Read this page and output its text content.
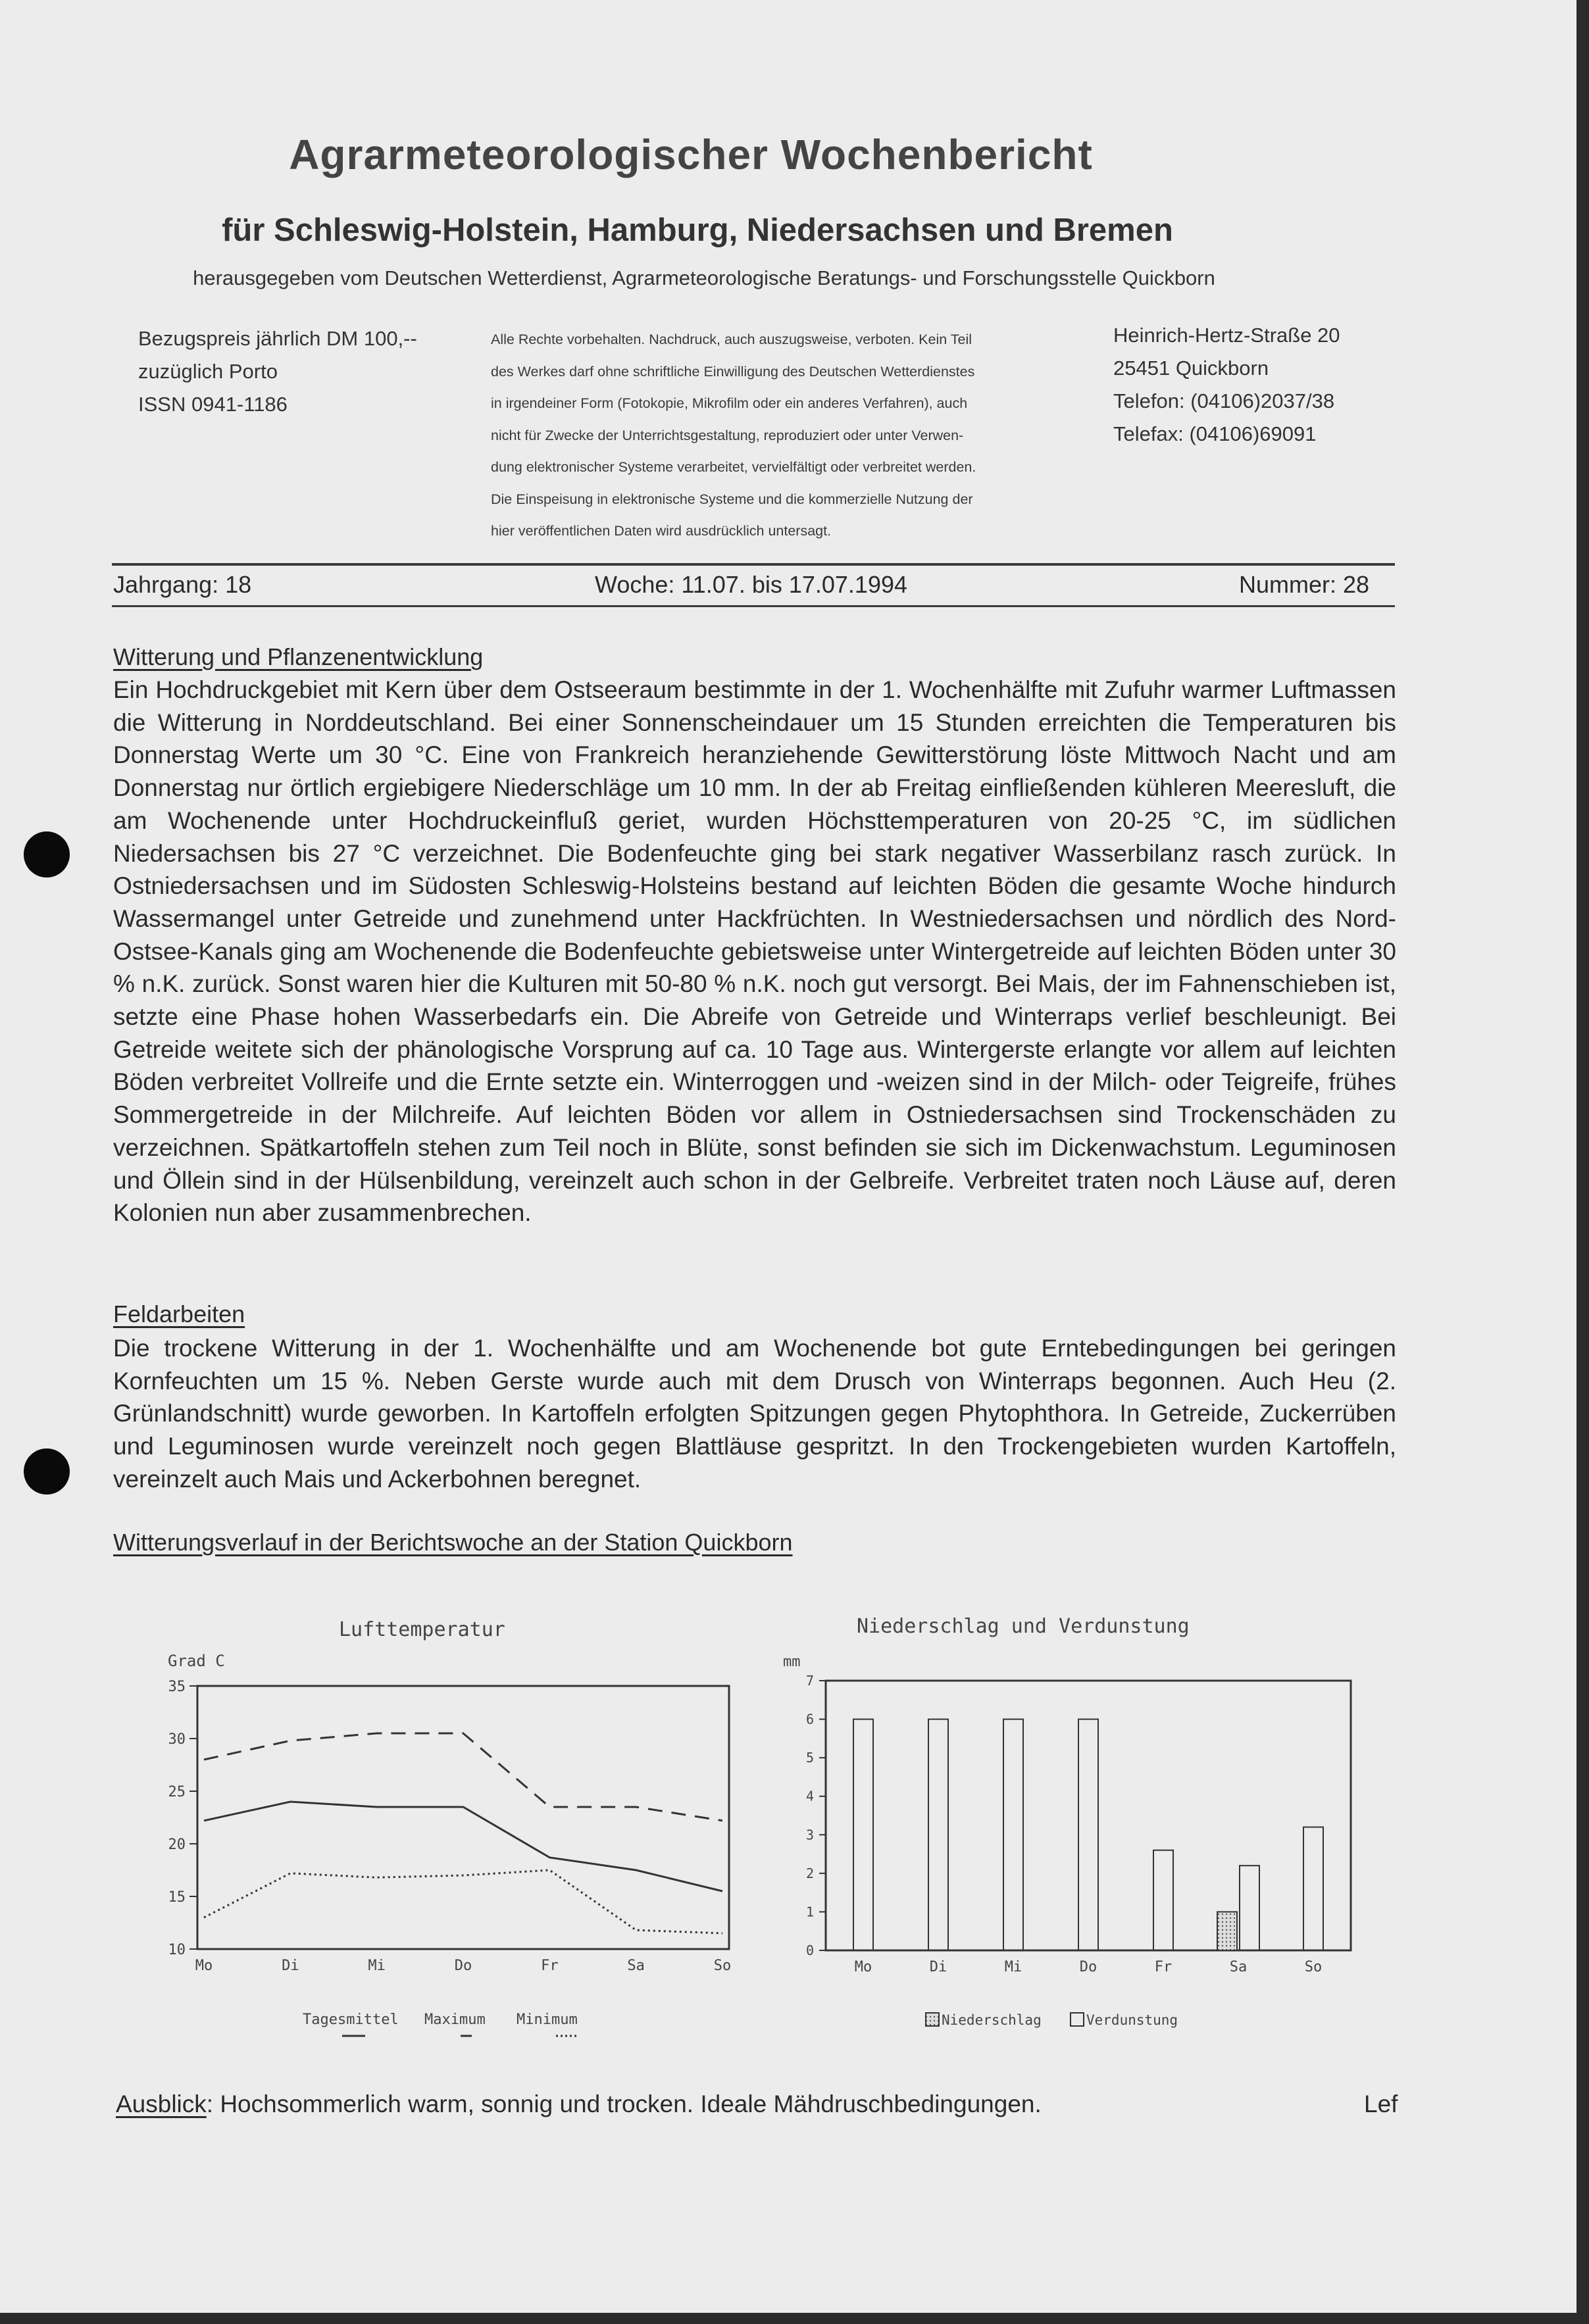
Agrarmeteorologischer Wochenbericht
für Schleswig-Holstein, Hamburg, Niedersachsen und Bremen
herausgegeben vom Deutschen Wetterdienst, Agrarmeteorologische Beratungs- und Forschungsstelle Quickborn
Bezugspreis jährlich DM 100,--
zuzüglich Porto
ISSN 0941-1186
Alle Rechte vorbehalten. Nachdruck, auch auszugsweise, verboten. Kein Teil
des Werkes darf ohne schriftliche Einwilligung des Deutschen Wetterdienstes
in irgendeiner Form (Fotokopie, Mikrofilm oder ein anderes Verfahren), auch
nicht für Zwecke der Unterrichtsgestaltung, reproduziert oder unter Verwen-
dung elektronischer Systeme verarbeitet, vervielfältigt oder verbreitet werden.
Die Einspeisung in elektronische Systeme und die kommerzielle Nutzung der
hier veröffentlichen Daten wird ausdrücklich untersagt.
Heinrich-Hertz-Straße 20
25451 Quickborn
Telefon: (04106)2037/38
Telefax: (04106)69091
Jahrgang: 18	Woche: 11.07. bis 17.07.1994	Nummer: 28
Witterung und Pflanzenentwicklung
Ein Hochdruckgebiet mit Kern über dem Ostseeraum bestimmte in der 1. Wochenhälfte mit Zufuhr warmer Luftmassen die Witterung in Norddeutschland. Bei einer Sonnenscheindauer um 15 Stunden erreichten die Temperaturen bis Donnerstag Werte um 30 °C. Eine von Frankreich heranziehende Gewitterstörung löste Mittwoch Nacht und am Donnerstag nur örtlich ergiebigere Niederschläge um 10 mm. In der ab Freitag einfließenden kühleren Meeresluft, die am Wochenende unter Hochdruckeinfluß geriet, wurden Höchsttemperaturen von 20-25 °C, im südlichen Niedersachsen bis 27 °C verzeichnet. Die Bodenfeuchte ging bei stark negativer Wasserbilanz rasch zurück. In Ostniedersachsen und im Südosten Schleswig-Holsteins bestand auf leichten Böden die gesamte Woche hindurch Wassermangel unter Getreide und zunehmend unter Hackfrüchten. In Westniedersachsen und nördlich des Nord-Ostsee-Kanals ging am Wochenende die Bodenfeuchte gebietsweise unter Wintergetreide auf leichten Böden unter 30 % n.K. zurück. Sonst waren hier die Kulturen mit 50-80 % n.K. noch gut versorgt. Bei Mais, der im Fahnenschieben ist, setzte eine Phase hohen Wasserbedarfs ein. Die Abreife von Getreide und Winterraps verlief beschleunigt. Bei Getreide weitete sich der phänologische Vorsprung auf ca. 10 Tage aus. Wintergerste erlangte vor allem auf leichten Böden verbreitet Vollreife und die Ernte setzte ein. Winterroggen und -weizen sind in der Milch- oder Teigreife, frühes Sommergetreide in der Milchreife. Auf leichten Böden vor allem in Ostniedersachsen sind Trockenschäden zu verzeichnen. Spätkartoffeln stehen zum Teil noch in Blüte, sonst befinden sie sich im Dickenwachstum. Leguminosen und Öllein sind in der Hülsenbildung, vereinzelt auch schon in der Gelbreife. Verbreitet traten noch Läuse auf, deren Kolonien nun aber zusammenbrechen.
Feldarbeiten
Die trockene Witterung in der 1. Wochenhälfte und am Wochenende bot gute Erntebedingungen bei geringen Kornfeuchten um 15 %. Neben Gerste wurde auch mit dem Drusch von Winterraps begonnen. Auch Heu (2. Grünlandschnitt) wurde geworben. In Kartoffeln erfolgten Spitzungen gegen Phytophthora. In Getreide, Zuckerrüben und Leguminosen wurde vereinzelt noch gegen Blattläuse gespritzt. In den Trockengebieten wurden Kartoffeln, vereinzelt auch Mais und Ackerbohnen beregnet.
Witterungsverlauf in der Berichtswoche an der Station Quickborn
Lufttemperatur
Grad C
10
15
20
25
30
35
Mo	Di	Mi	Do	Fr	Sa	So
Tagesmittel Maximum Minimum
Niederschlag und Verdunstung
mm
0
1
2
3
4
5
6
7
Mo	Di	Mi	Do	Fr	Sa	So
Niederschlag	Verdunstung
Ausblick: Hochsommerlich warm, sonnig und trocken. Ideale Mähdruschbedingungen.	Lef
